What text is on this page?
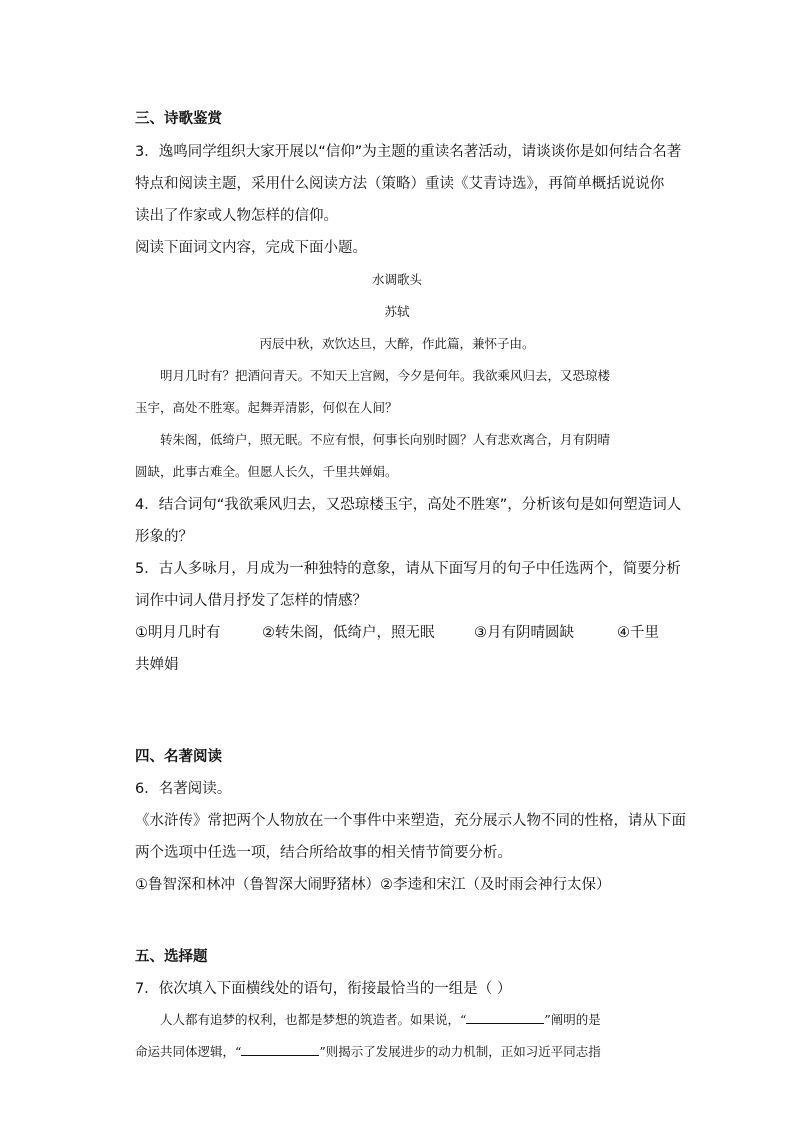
三、诗歌鉴赏
3．逸鸣同学组织大家开展以“信仰”为主题的重读名著活动，请谈谈你是如何结合名著
特点和阅读主题，采用什么阅读方法（策略）重读《艾青诗选》，再简单概括说说你
读出了作家或人物怎样的信仰。
阅读下面词文内容，完成下面小题。
水调歌头
苏轼
丙辰中秋，欢饮达旦，大醉，作此篇，兼怀子由。
明月几时有？把酒问青天。不知天上宫阙，今夕是何年。我欲乘风归去，又恐琼楼
玉宇，高处不胜寒。起舞弄清影，何似在人间？
转朱阁，低绮户，照无眠。不应有恨，何事长向别时圆？人有悲欢离合，月有阴晴
圆缺，此事古难全。但愿人长久，千里共婵娟。
4．结合词句“我欲乘风归去，又恐琼楼玉宇，高处不胜寒”，分析该句是如何塑造词人
形象的？
5．古人多咏月，月成为一种独特的意象，请从下面写月的句子中任选两个，简要分析
词作中词人借月抒发了怎样的情感？
①明月几时有	②转朱阁，低绮户，照无眠	③月有阴晴圆缺	④千里
共婵娟
四、名著阅读
6．名著阅读。
《水浒传》常把两个人物放在一个事件中来塑造，充分展示人物不同的性格，请从下面
两个选项中任选一项，结合所给故事的相关情节简要分析。
①鲁智深和林冲（鲁智深大闹野猪林）②李逵和宋江（及时雨会神行太保）
五、选择题
7．依次填入下面横线处的语句，衔接最恰当的一组是（ ）
人人都有追梦的权利，也都是梦想的筑造者。如果说，“	”阐明的是
命运共同体逻辑，“	”则揭示了发展进步的动力机制，正如习近平同志指
